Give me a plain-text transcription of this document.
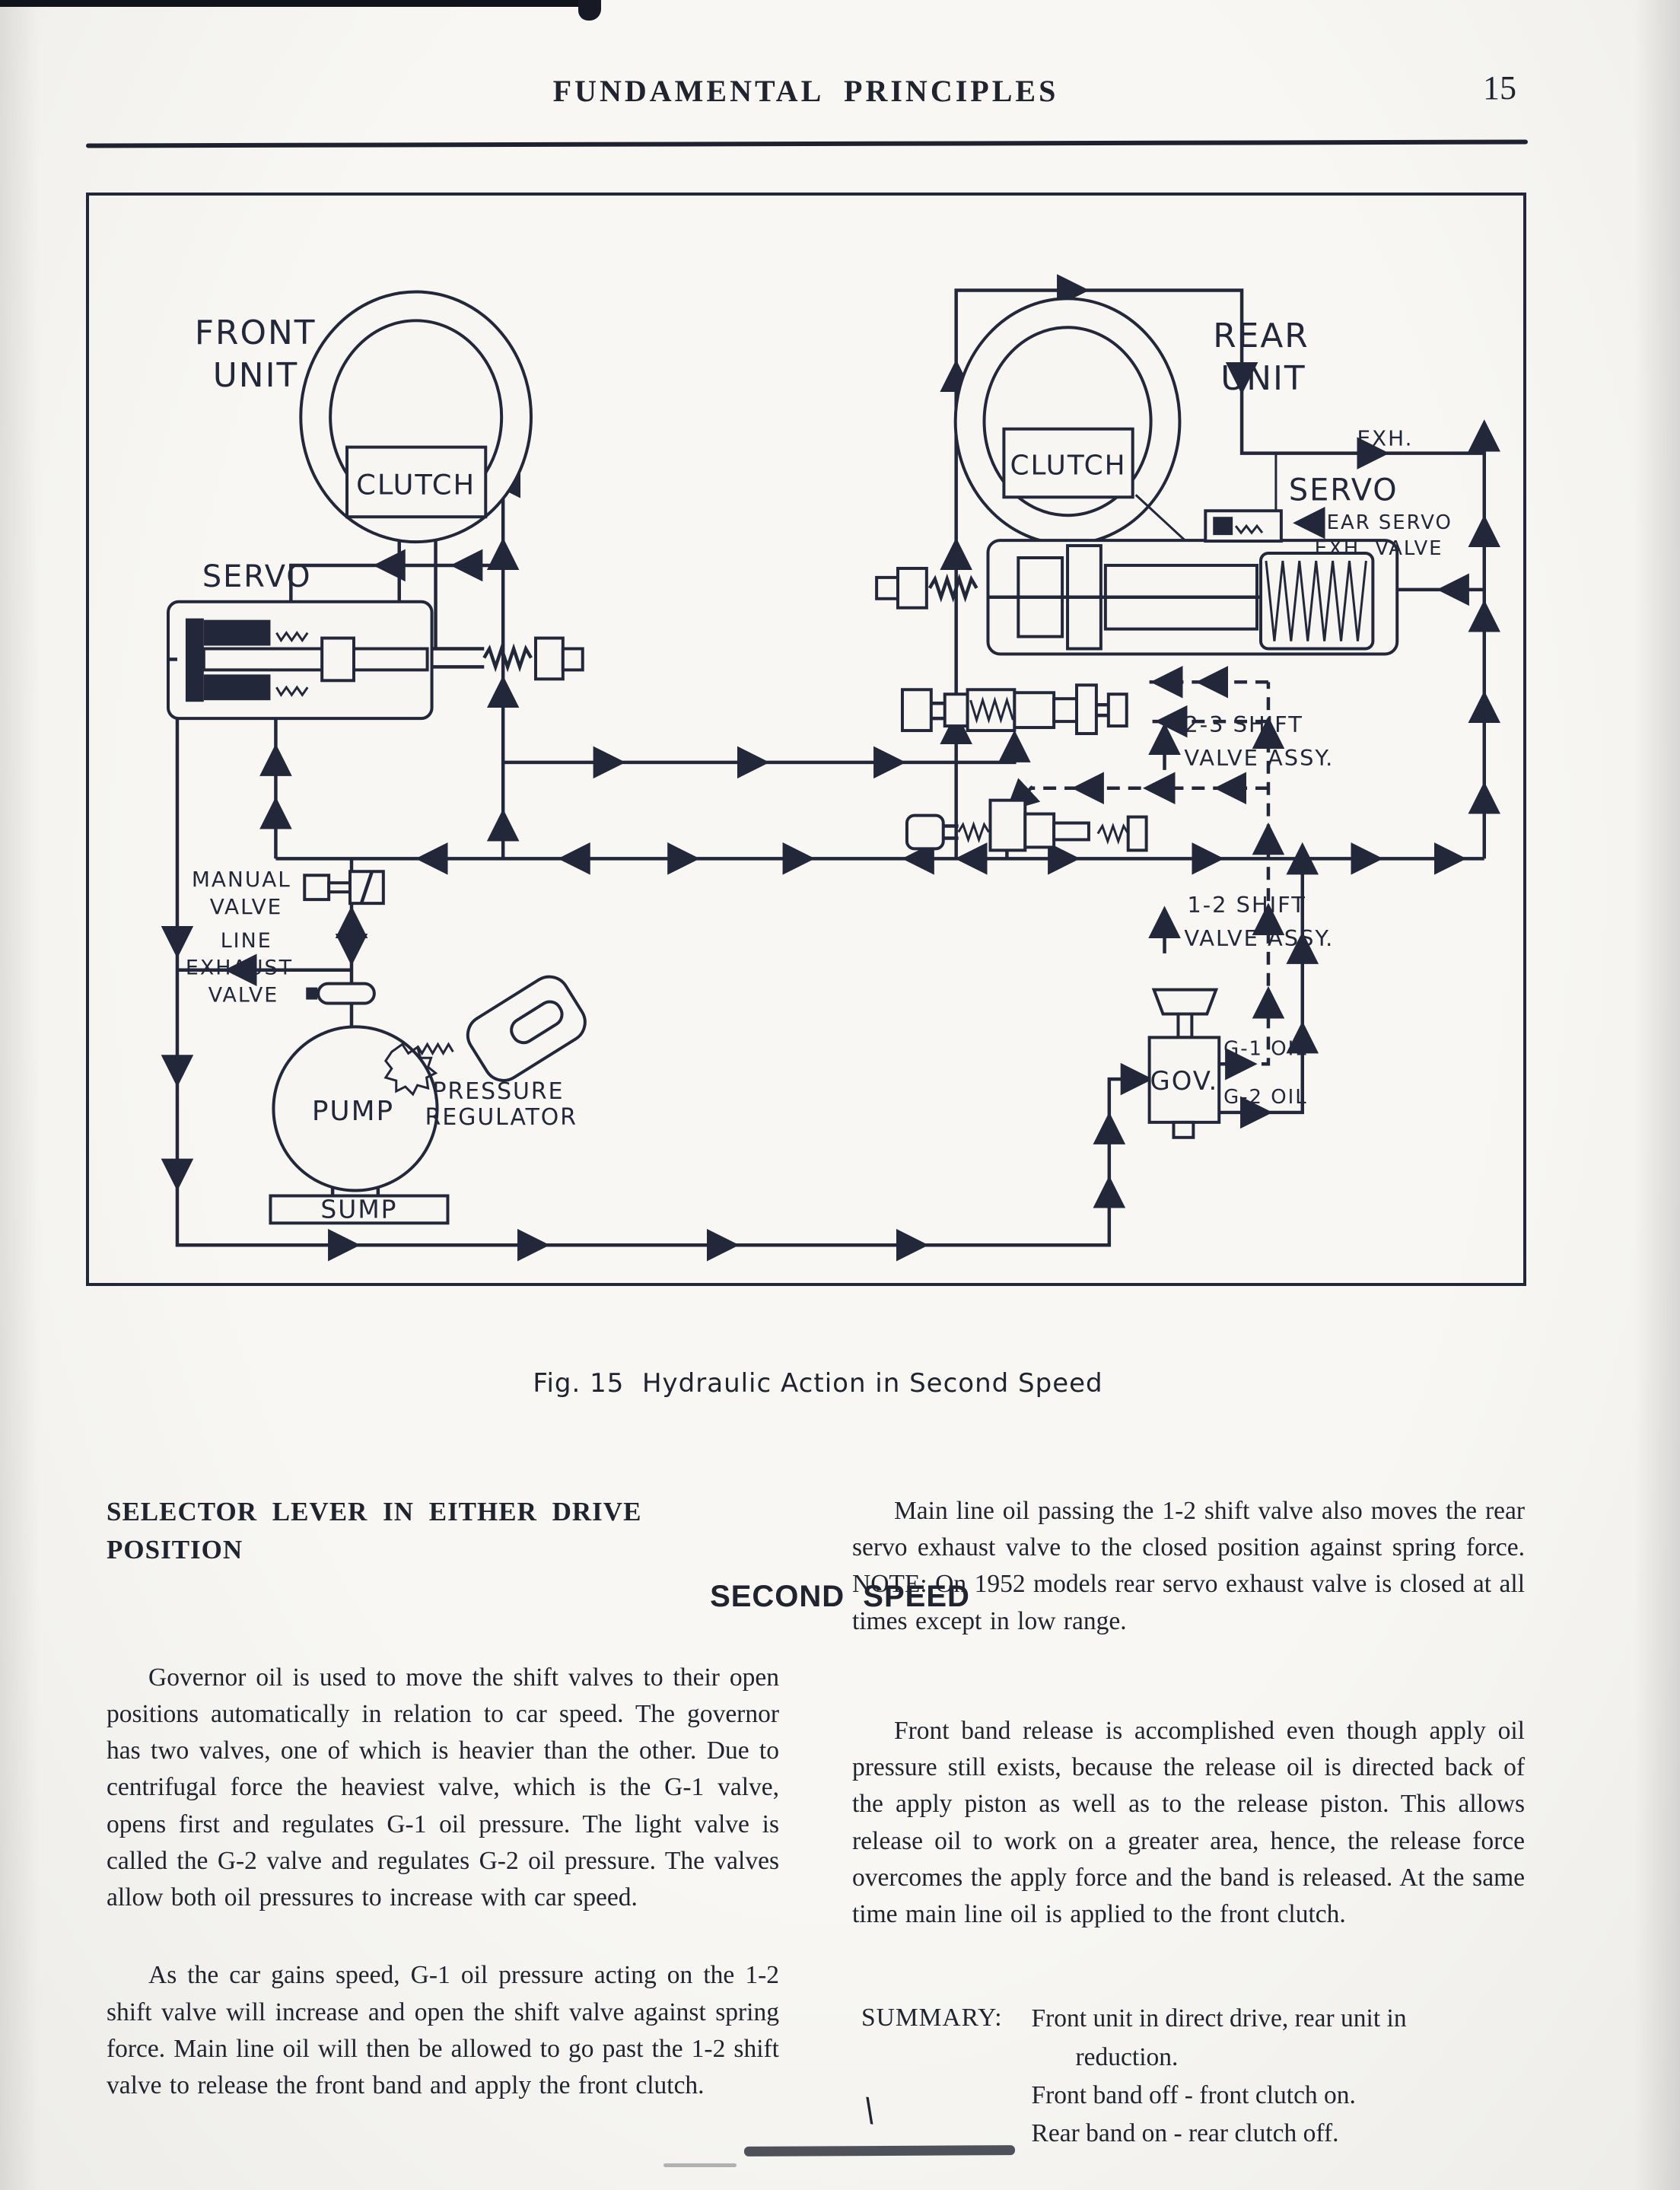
FUNDAMENTAL PRINCIPLES	15
CLUTCH
FRONT
UNIT
SERVO
CLUTCH
REAR
UNIT
SERVO
REAR SERVO
EXH. VALVE
EXH.
2-3 SHIFT
VALVE ASSY.
1-2 SHIFT
VALVE ASSY.
MANUAL
VALVE
LINE
EXHAUST
VALVE
PUMP
PRESSURE
REGULATOR
SUMP
GOV.
G-1 OIL
G-2 OIL
Fig. 15  Hydraulic Action in Second Speed
SECOND SPEED

SELECTOR LEVER IN EITHER DRIVE POSITION

Governor oil is used to move the shift valves to their open positions automatically in relation to car speed. The governor has two valves, one of which is heavier than the other. Due to centrifugal force the heaviest valve, which is the G-1 valve, opens first and regulates G-1 oil pressure. The light valve is called the G-2 valve and regulates G-2 oil pressure. The valves allow both oil pressures to increase with car speed.

As the car gains speed, G-1 oil pressure acting on the 1-2 shift valve will increase and open the shift valve against spring force. Main line oil will then be allowed to go past the 1-2 shift valve to release the front band and apply the front clutch.

Main line oil passing the 1-2 shift valve also moves the rear servo exhaust valve to the closed position against spring force. NOTE: On 1952 models rear servo exhaust valve is closed at all times except in low range.

Front band release is accomplished even though apply oil pressure still exists, because the release oil is directed back of the apply piston as well as to the release piston. This allows release oil to work on a greater area, hence, the release force overcomes the apply force and the band is released. At the same time main line oil is applied to the front clutch.

SUMMARY: Front unit in direct drive, rear unit in reduction.

Front band off - front clutch on.

Rear band on - rear clutch off.

\
